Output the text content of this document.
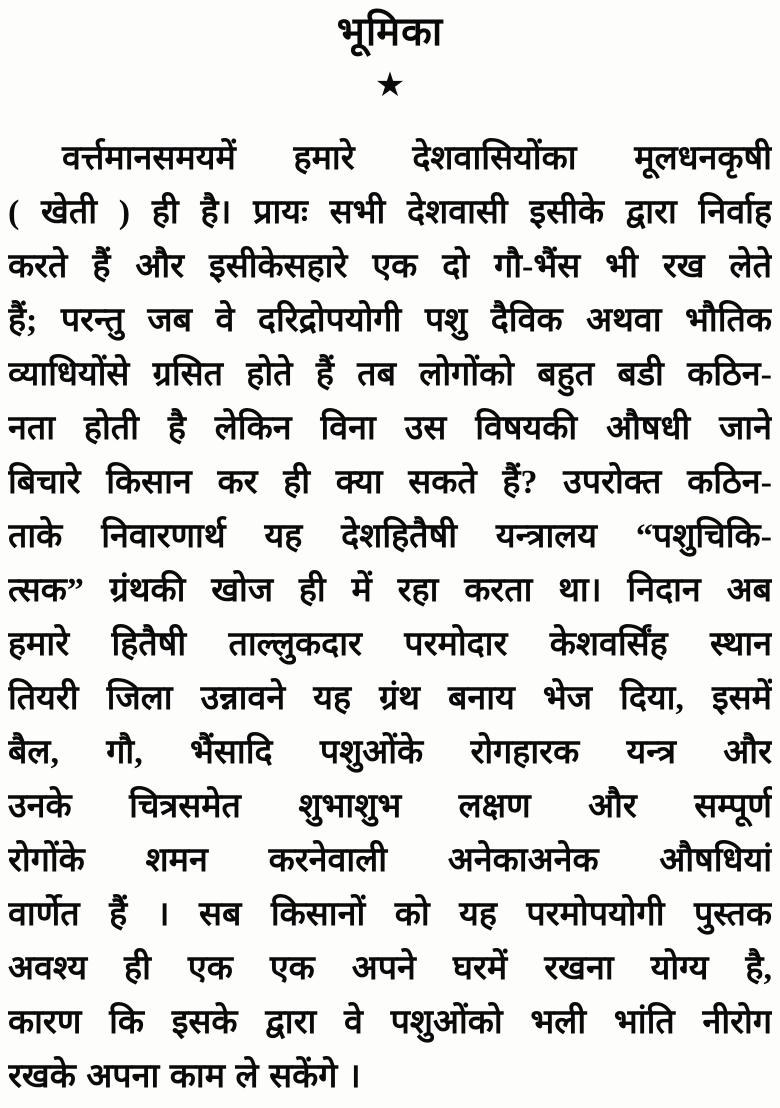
भूमिका
★
वर्त्तमानसमयमें हमारे देशवासियोंका मूलधनकृषी
( खेती ) ही है। प्रायः सभी देशवासी इसीके द्वारा निर्वाह
करते हैं और इसीकेसहारे एक दो गौ-भैंस भी रख लेते
हैं; परन्तु जब वे दरिद्रोपयोगी पशु दैविक अथवा भौतिक
व्याधियोंसे ग्रसित होते हैं तब लोगोंको बहुत बडी कठिन-
नता होती है लेकिन विना उस विषयकी औषधी जाने
बिचारे किसान कर ही क्या सकते हैं? उपरोक्त कठिन-
ताके निवारणार्थ यह देशहितैषी यन्त्रालय “पशुचिकि-
त्सक” ग्रंथकी खोज ही में रहा करता था। निदान अब
हमारे हितैषी ताल्लुकदार परमोदार केशवर्सिंह स्थान
तियरी जिला उन्नावने यह ग्रंथ बनाय भेज दिया, इसमें
बैल, गौ, भैंसादि पशुओंके रोगहारक यन्त्र और
उनके चित्रसमेत शुभाशुभ लक्षण और सम्पूर्ण
रोगोंके शमन करनेवाली अनेकाअनेक औषधियां
वार्णेत हैं । सब किसानों को यह परमोपयोगी पुस्तक
अवश्य ही एक एक अपने घरमें रखना योग्य है,
कारण कि इसके द्वारा वे पशुओंको भली भांति नीरोग
रखके अपना काम ले सकेंगे ।
